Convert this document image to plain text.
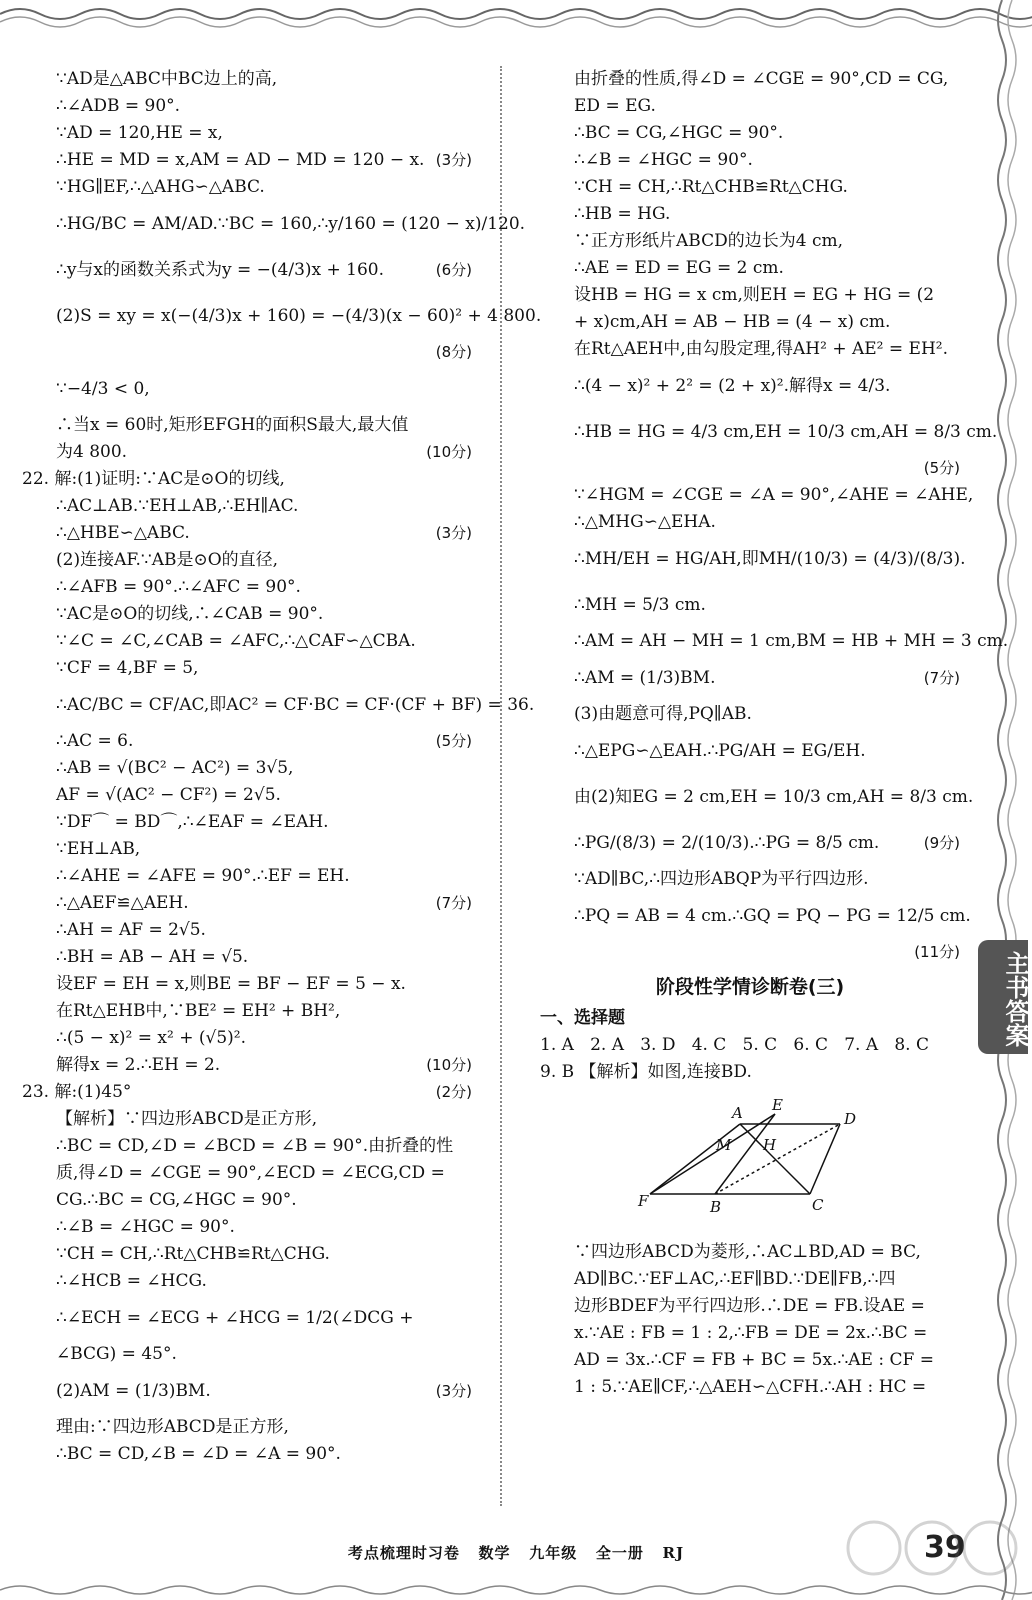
∵AD是△ABC中BC边上的高,
∴∠ADB = 90°.
∵AD = 120,HE = x,
∴HE = MD = x,AM = AD − MD = 120 − x. (3分)
∵HG∥EF,∴△AHG∽△ABC.
∴HG/BC = AM/AD.∵BC = 160,∴y/160 = (120 − x)/120.
∴y与x的函数关系式为y = −(4/3)x + 160.	(6分)
(2)S = xy = x(−(4/3)x + 160) = −(4/3)(x − 60)² + 4 800.
(8分)
∵−4/3 < 0,
∴当x = 60时,矩形EFGH的面积S最大,最大值
为4 800.	(10分)
22. 解:(1)证明:∵AC是⊙O的切线,
∴AC⊥AB.∵EH⊥AB,∴EH∥AC.
∴△HBE∽△ABC.	(3分)
(2)连接AF.∵AB是⊙O的直径,
∴∠AFB = 90°.∴∠AFC = 90°.
∵AC是⊙O的切线,∴∠CAB = 90°.
∵∠C = ∠C,∠CAB = ∠AFC,∴△CAF∽△CBA.
∵CF = 4,BF = 5,
∴AC/BC = CF/AC,即AC² = CF·BC = CF·(CF + BF) = 36.
∴AC = 6.	(5分)
∴AB = √(BC² − AC²) = 3√5,
AF = √(AC² − CF²) = 2√5.
∵DF⌒ = BD⌒,∴∠EAF = ∠EAH.
∵EH⊥AB,
∴∠AHE = ∠AFE = 90°.∴EF = EH.
∴△AEF≌△AEH.	(7分)
∴AH = AF = 2√5.
∴BH = AB − AH = √5.
设EF = EH = x,则BE = BF − EF = 5 − x.
在Rt△EHB中,∵BE² = EH² + BH²,
∴(5 − x)² = x² + (√5)².
解得x = 2.∴EH = 2.	(10分)
23. 解:(1)45°	(2分)
【解析】∵四边形ABCD是正方形,
∴BC = CD,∠D = ∠BCD = ∠B = 90°.由折叠的性
质,得∠D = ∠CGE = 90°,∠ECD = ∠ECG,CD =
CG.∴BC = CG,∠HGC = 90°.
∴∠B = ∠HGC = 90°.
∵CH = CH,∴Rt△CHB≌Rt△CHG.
∴∠HCB = ∠HCG.
∴∠ECH = ∠ECG + ∠HCG = 1/2(∠DCG +
∠BCG) = 45°.
(2)AM = (1/3)BM.	(3分)
理由:∵四边形ABCD是正方形,
∴BC = CD,∠B = ∠D = ∠A = 90°.
由折叠的性质,得∠D = ∠CGE = 90°,CD = CG,
ED = EG.
∴BC = CG,∠HGC = 90°.
∴∠B = ∠HGC = 90°.
∵CH = CH,∴Rt△CHB≌Rt△CHG.
∴HB = HG.
∵正方形纸片ABCD的边长为4 cm,
∴AE = ED = EG = 2 cm.
设HB = HG = x cm,则EH = EG + HG = (2
+ x)cm,AH = AB − HB = (4 − x) cm.
在Rt△AEH中,由勾股定理,得AH² + AE² = EH².
∴(4 − x)² + 2² = (2 + x)².解得x = 4/3.
∴HB = HG = 4/3 cm,EH = 10/3 cm,AH = 8/3 cm.
(5分)
∵∠HGM = ∠CGE = ∠A = 90°,∠AHE = ∠AHE,
∴△MHG∽△EHA.
∴MH/EH = HG/AH,即MH/(10/3) = (4/3)/(8/3).
∴MH = 5/3 cm.
∴AM = AH − MH = 1 cm,BM = HB + MH = 3 cm.
∴AM = (1/3)BM.	(7分)
(3)由题意可得,PQ∥AB.
∴△EPG∽△EAH.∴PG/AH = EG/EH.
由(2)知EG = 2 cm,EH = 10/3 cm,AH = 8/3 cm.
∴PG/(8/3) = 2/(10/3).∴PG = 8/5 cm.	(9分)
∵AD∥BC,∴四边形ABQP为平行四边形.
∴PQ = AB = 4 cm.∴GQ = PQ − PG = 12/5 cm.
(11分)
阶段性学情诊断卷(三)
一、选择题
1. A   2. A   3. D   4. C   5. C   6. C   7. A   8. C
9. B 【解析】如图,连接BD.
A E
D
M H
F	B	C
∵四边形ABCD为菱形,∴AC⊥BD,AD = BC,
AD∥BC.∵EF⊥AC,∴EF∥BD.∵DE∥FB,∴四
边形BDEF为平行四边形.∴DE = FB.设AE =
x.∵AE : FB = 1 : 2,∴FB = DE = 2x.∴BC =
AD = 3x.∴CF = FB + BC = 5x.∴AE : CF =
1 : 5.∵AE∥CF,∴△AEH∽△CFH.∴AH : HC =
主书答案
考点梳理时习卷   数学   九年级   全一册   RJ	39
